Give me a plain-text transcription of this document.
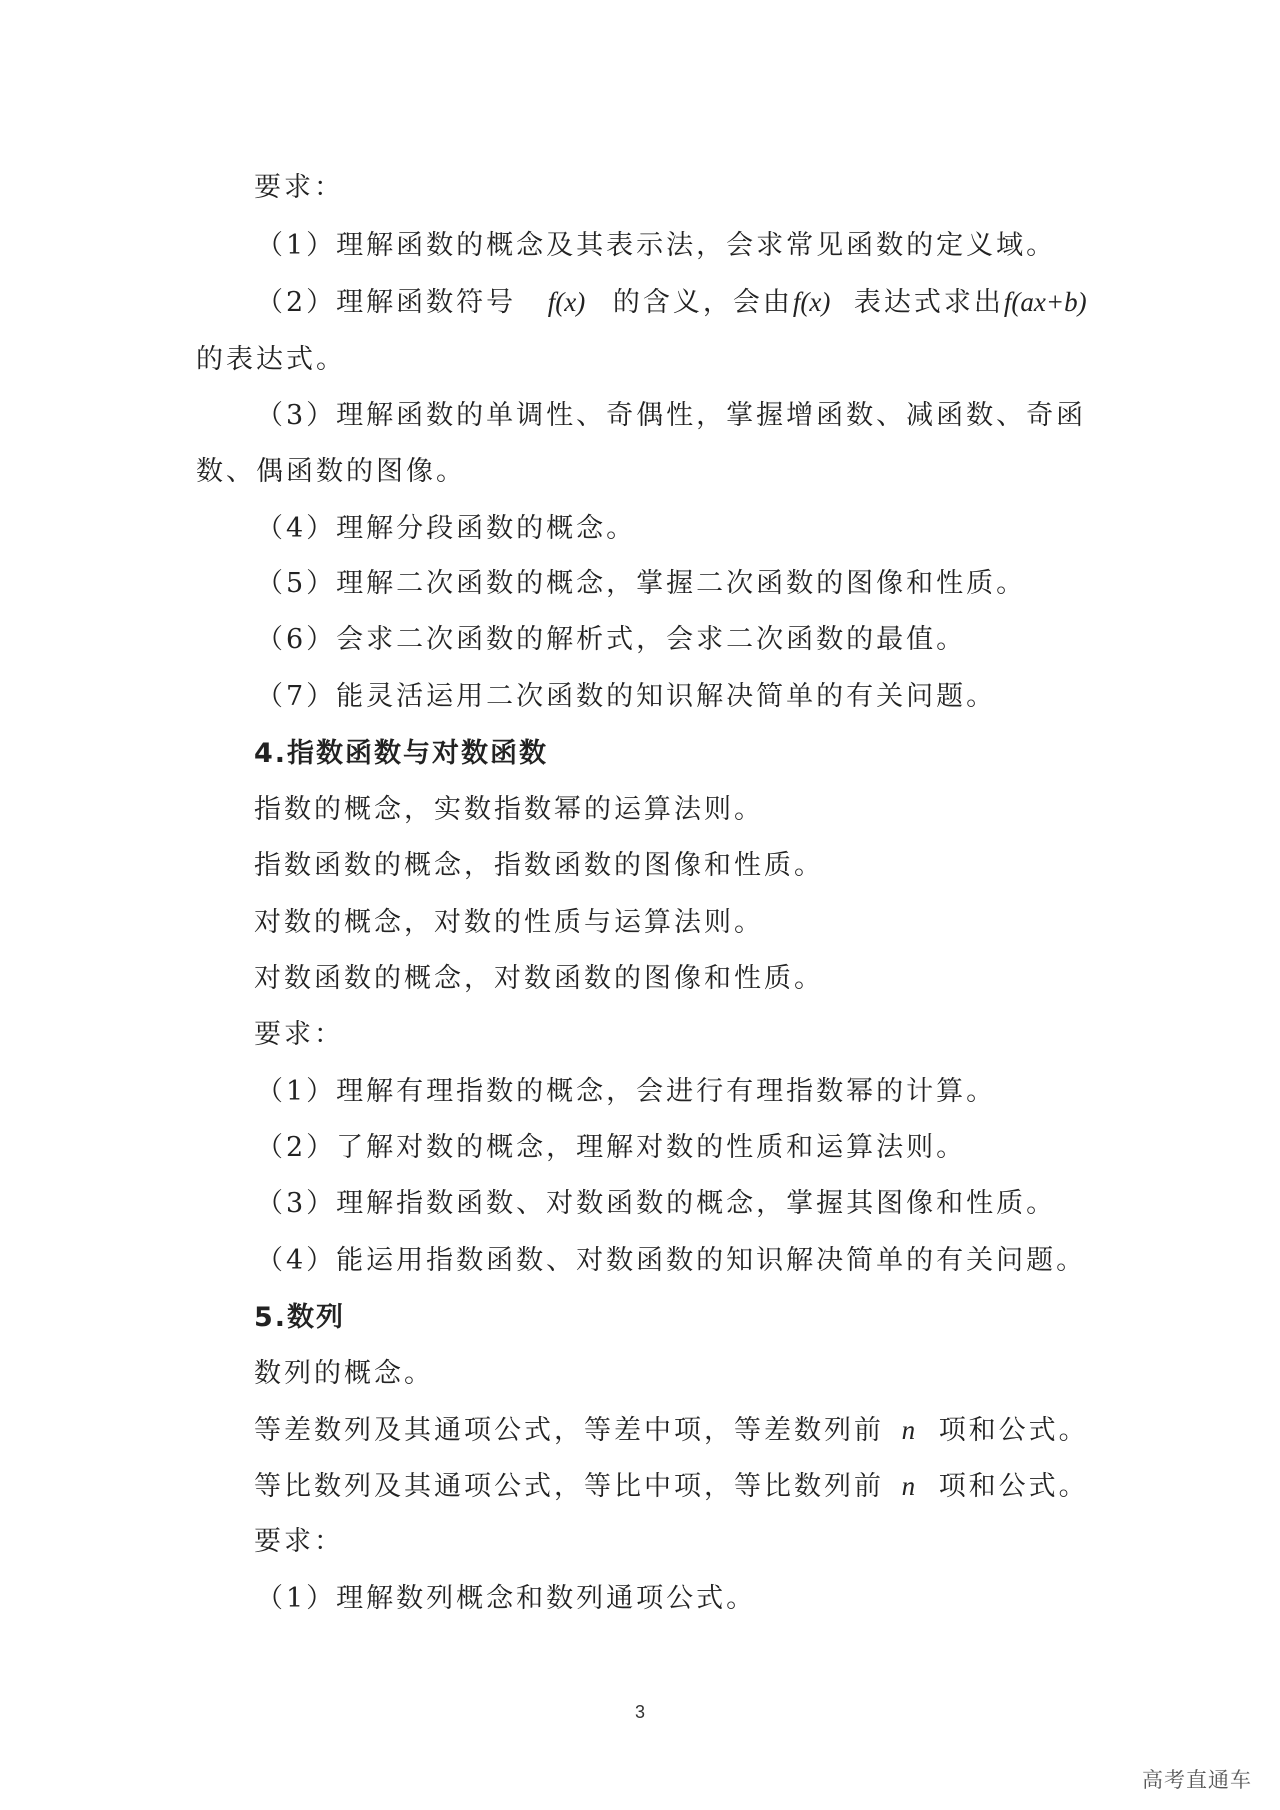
要求：

（1）理解函数的概念及其表示法，会求常见函数的定义域。

（2）理解函数符号 f(x) 的含义，会由f(x) 表达式求出f(ax+b)

的表达式。

（3）理解函数的单调性、奇偶性，掌握增函数、减函数、奇函

数、偶函数的图像。

（4）理解分段函数的概念。

（5）理解二次函数的概念，掌握二次函数的图像和性质。

（6）会求二次函数的解析式，会求二次函数的最值。

（7）能灵活运用二次函数的知识解决简单的有关问题。

4.指数函数与对数函数

指数的概念，实数指数幂的运算法则。

指数函数的概念，指数函数的图像和性质。

对数的概念，对数的性质与运算法则。

对数函数的概念，对数函数的图像和性质。

要求：

（1）理解有理指数的概念，会进行有理指数幂的计算。

（2）了解对数的概念，理解对数的性质和运算法则。

（3）理解指数函数、对数函数的概念，掌握其图像和性质。

（4）能运用指数函数、对数函数的知识解决简单的有关问题。

5.数列

数列的概念。

等差数列及其通项公式，等差中项，等差数列前 n 项和公式。

等比数列及其通项公式，等比中项，等比数列前 n 项和公式。

要求：

（1）理解数列概念和数列通项公式。

3
高考直通车
